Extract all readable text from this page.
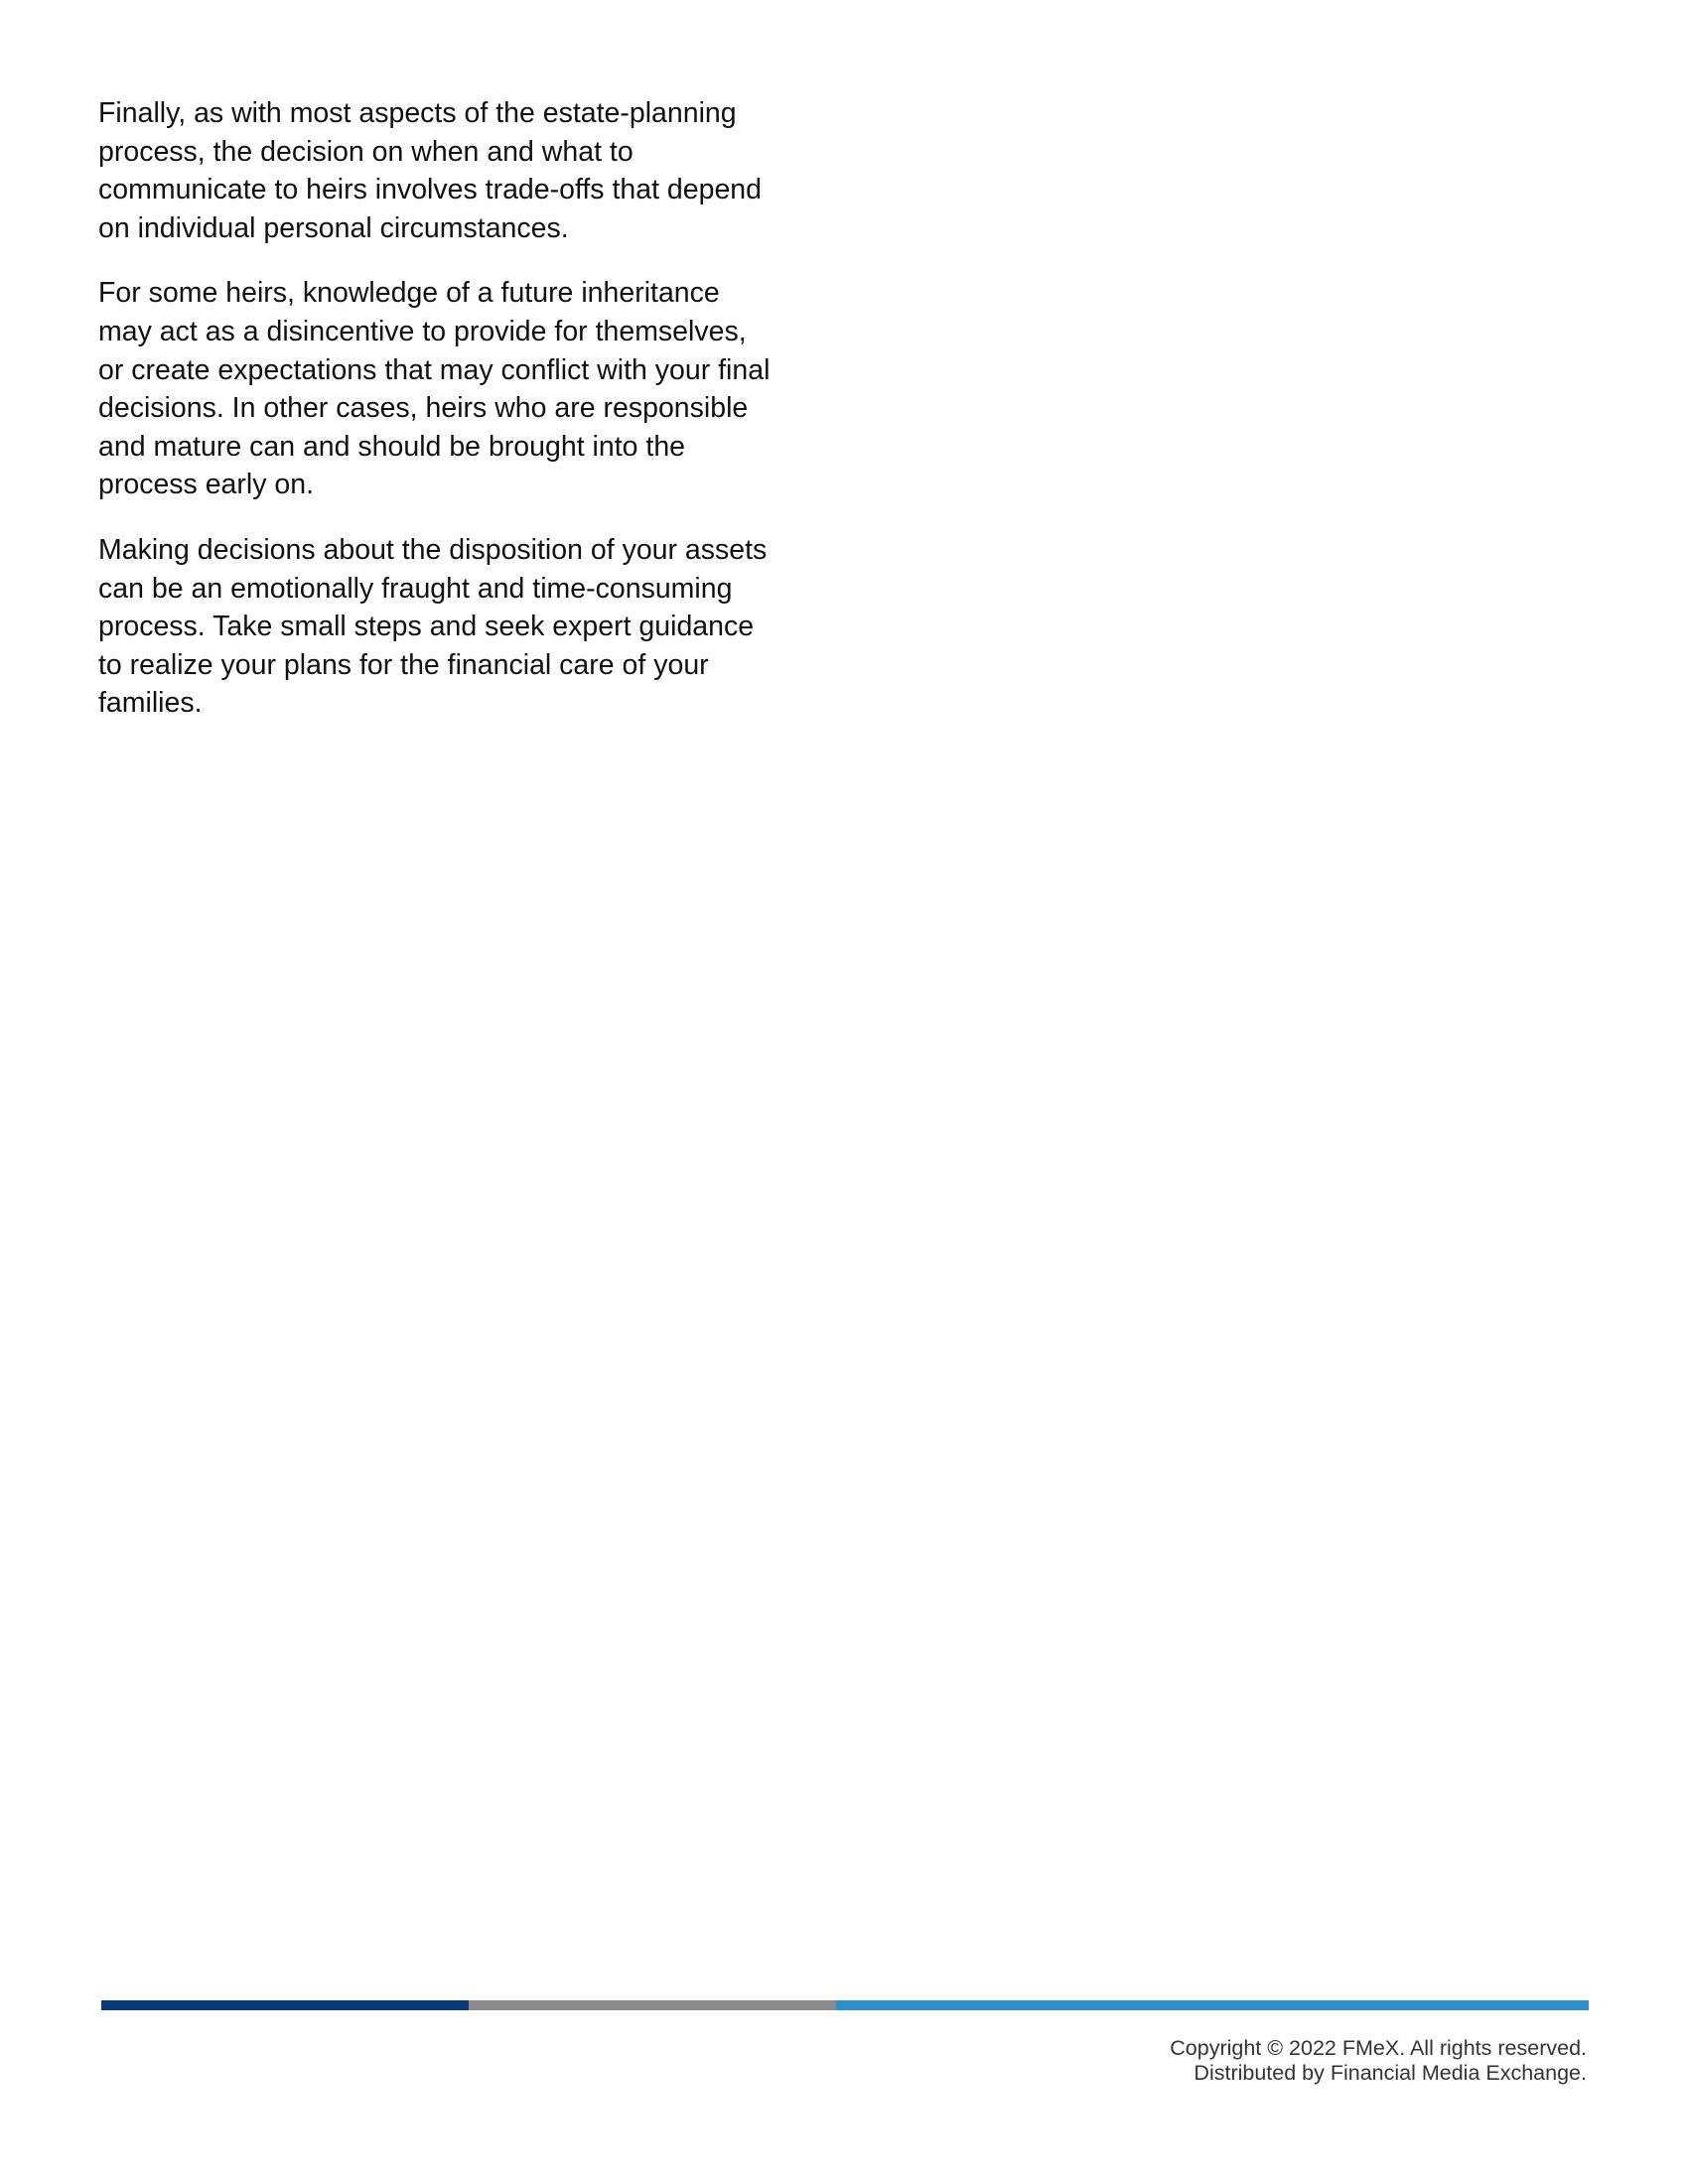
Finally, as with most aspects of the estate-planning
process, the decision on when and what to
communicate to heirs involves trade-offs that depend
on individual personal circumstances.

For some heirs, knowledge of a future inheritance
may act as a disincentive to provide for themselves,
or create expectations that may conflict with your final
decisions. In other cases, heirs who are responsible
and mature can and should be brought into the
process early on.

Making decisions about the disposition of your assets
can be an emotionally fraught and time-consuming
process. Take small steps and seek expert guidance
to realize your plans for the financial care of your
families.

Copyright © 2022 FMeX. All rights reserved.
Distributed by Financial Media Exchange.
